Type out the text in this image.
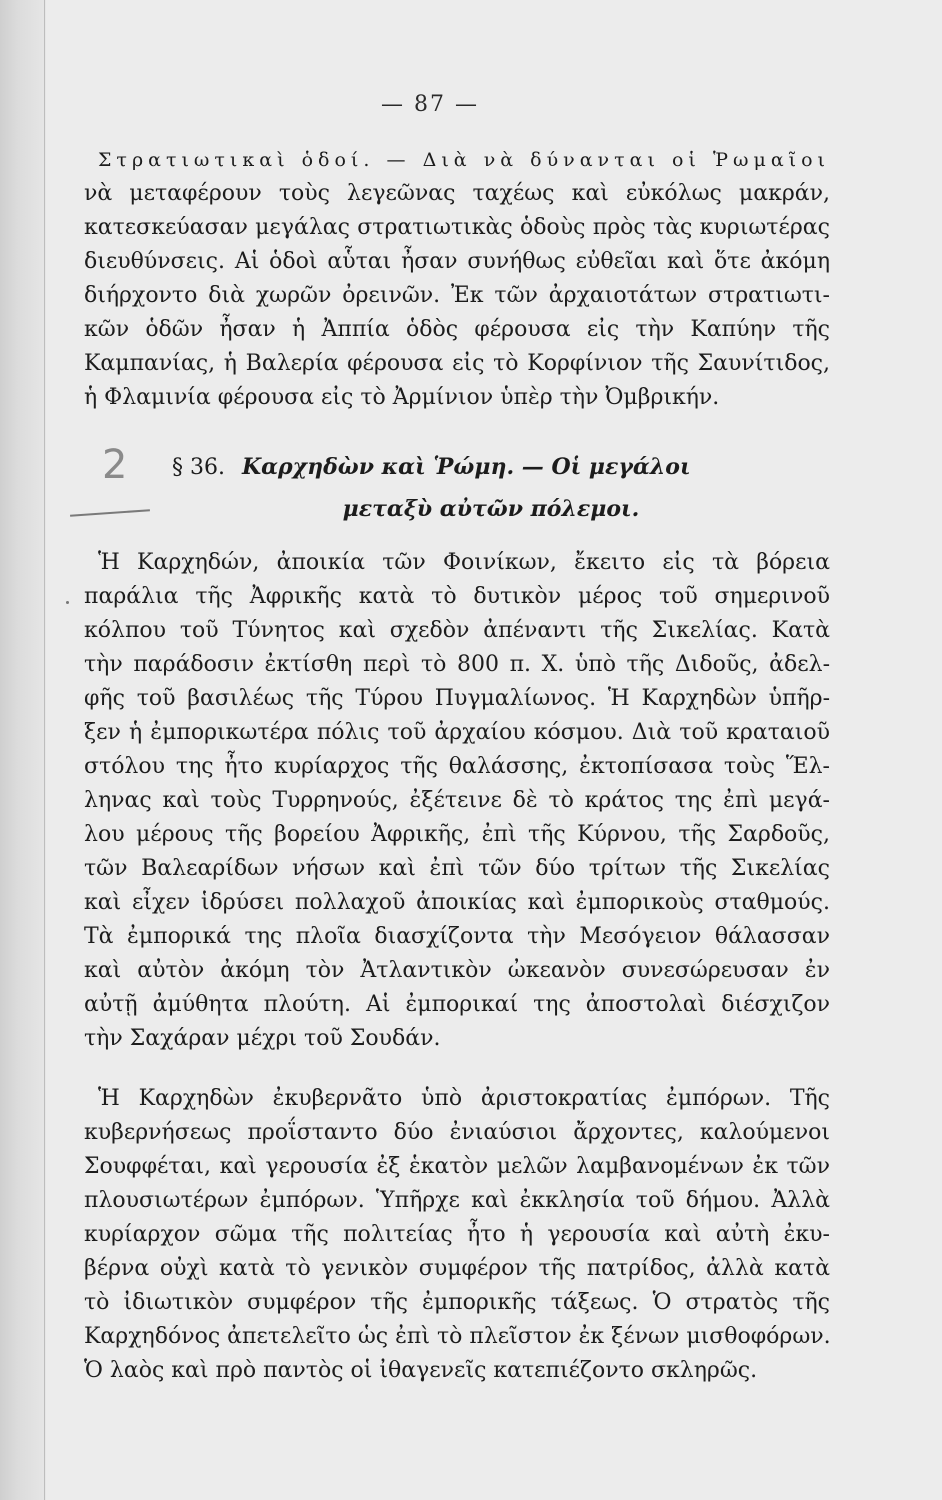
— 87 —
Στρατιωτικαὶ ὁδοί. — Διὰ νὰ δύνανται οἱ Ῥωμαῖοι
νὰ μεταφέρουν τοὺς λεγεῶνας ταχέως καὶ εὐκόλως μακράν,
κατεσκεύασαν μεγάλας στρατιωτικὰς ὁδοὺς πρὸς τὰς κυριωτέρας
διευθύνσεις. Αἱ ὁδοὶ αὗται ἦσαν συνήθως εὐθεῖαι καὶ ὅτε ἀκόμη
διήρχοντο διὰ χωρῶν ὀρεινῶν. Ἐκ τῶν ἀρχαιοτάτων στρατιωτι-
κῶν ὁδῶν ἦσαν ἡ Ἀππία ὁδὸς φέρουσα εἰς τὴν Καπύην τῆς
Καμπανίας, ἡ Βαλερία φέρουσα εἰς τὸ Κορφίνιον τῆς Σαυνίτιδος,
ἡ Φλαμινία φέρουσα εἰς τὸ Ἀρμίνιον ὑπὲρ τὴν Ὀμβρικήν.
2	§ 36. Καρχηδὼν καὶ Ῥώμη. — Οἱ μεγάλοι
μεταξὺ αὐτῶν πόλεμοι.
Ἡ Καρχηδών, ἀποικία τῶν Φοινίκων, ἔκειτο εἰς τὰ βόρεια
παράλια τῆς Ἀφρικῆς κατὰ τὸ δυτικὸν μέρος τοῦ σημερινοῦ
κόλπου τοῦ Τύνητος καὶ σχεδὸν ἀπέναντι τῆς Σικελίας. Κατὰ
τὴν παράδοσιν ἐκτίσθη περὶ τὸ 800 π. Χ. ὑπὸ τῆς Διδοῦς, ἀδελ-
φῆς τοῦ βασιλέως τῆς Τύρου Πυγμαλίωνος. Ἡ Καρχηδὼν ὑπῆρ-
ξεν ἡ ἐμπορικωτέρα πόλις τοῦ ἀρχαίου κόσμου. Διὰ τοῦ κραταιοῦ
στόλου της ἦτο κυρίαρχος τῆς θαλάσσης, ἐκτοπίσασα τοὺς Ἕλ-
ληνας καὶ τοὺς Τυρρηνούς, ἐξέτεινε δὲ τὸ κράτος της ἐπὶ μεγά-
λου μέρους τῆς βορείου Ἀφρικῆς, ἐπὶ τῆς Κύρνου, τῆς Σαρδοῦς,
τῶν Βαλεαρίδων νήσων καὶ ἐπὶ τῶν δύο τρίτων τῆς Σικελίας
καὶ εἶχεν ἱδρύσει πολλαχοῦ ἀποικίας καὶ ἐμπορικοὺς σταθμούς.
Τὰ ἐμπορικά της πλοῖα διασχίζοντα τὴν Μεσόγειον θάλασσαν
καὶ αὐτὸν ἀκόμη τὸν Ἀτλαντικὸν ὠκεανὸν συνεσώρευσαν ἐν
αὐτῇ ἀμύθητα πλούτη. Αἱ ἐμπορικαί της ἀποστολαὶ διέσχιζον
τὴν Σαχάραν μέχρι τοῦ Σουδάν.
Ἡ Καρχηδὼν ἐκυβερνᾶτο ὑπὸ ἀριστοκρατίας ἐμπόρων. Τῆς
κυβερνήσεως προΐσταντο δύο ἐνιαύσιοι ἄρχοντες, καλούμενοι
Σουφφέται, καὶ γερουσία ἐξ ἑκατὸν μελῶν λαμβανομένων ἐκ τῶν
πλουσιωτέρων ἐμπόρων. Ὑπῆρχε καὶ ἐκκλησία τοῦ δήμου. Ἀλλὰ
κυρίαρχον σῶμα τῆς πολιτείας ἦτο ἡ γερουσία καὶ αὐτὴ ἐκυ-
βέρνα οὐχὶ κατὰ τὸ γενικὸν συμφέρον τῆς πατρίδος, ἀλλὰ κατὰ
τὸ ἰδιωτικὸν συμφέρον τῆς ἐμπορικῆς τάξεως. Ὁ στρατὸς τῆς
Καρχηδόνος ἀπετελεῖτο ὡς ἐπὶ τὸ πλεῖστον ἐκ ξένων μισθοφόρων.
Ὁ λαὸς καὶ πρὸ παντὸς οἱ ἰθαγενεῖς κατεπιέζοντο σκληρῶς.
